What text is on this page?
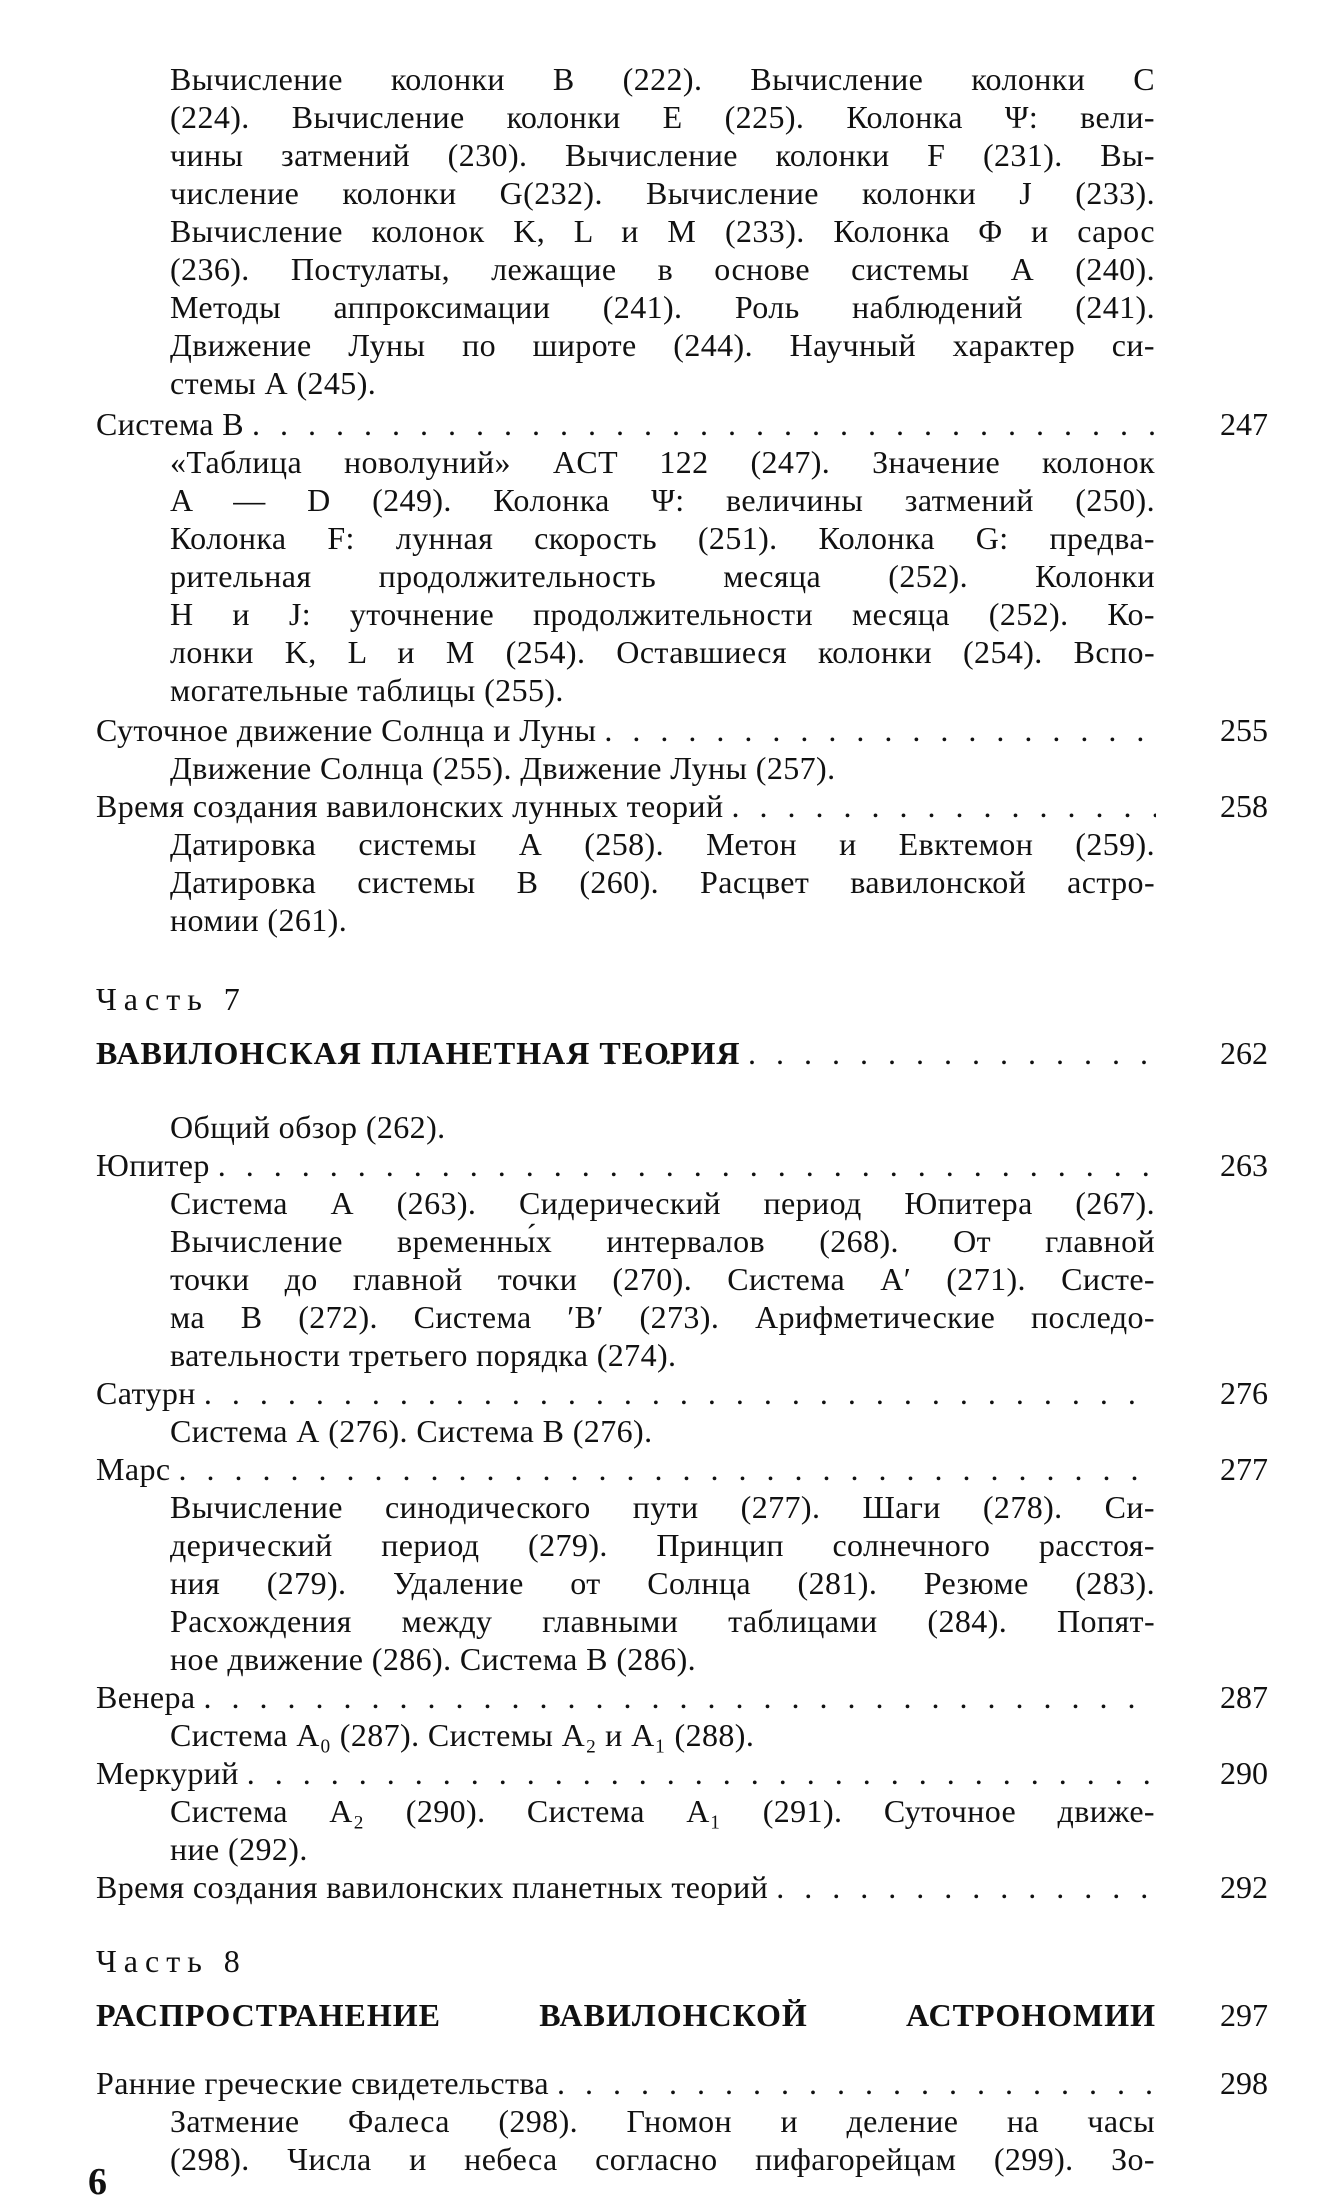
Вычисление колонки B (222). Вычисление колонки C
(224). Вычисление колонки E (225). Колонка Ψ: вели-
чины затмений (230). Вычисление колонки F (231). Вы-
числение колонки G(232). Вычисление колонки J (233).
Вычисление колонок K, L и M (233). Колонка Φ и сарос
(236). Постулаты, лежащие в основе системы А (240).
Методы аппроксимации (241). Роль наблюдений (241).
Движение Луны по широте (244). Научный характер си-
стемы А (245).
Система В . . .	247
«Таблица новолуний» ACT 122 (247). Значение колонок
A — D (249). Колонка Ψ: величины затмений (250).
Колонка F: лунная скорость (251). Колонка G: предва-
рительная продолжительность месяца (252). Колонки
H и J: уточнение продолжительности месяца (252). Ко-
лонки K, L и M (254). Оставшиеся колонки (254). Вспо-
могательные таблицы (255).
Суточное движение Солнца и Луны . . .	255
Движение Солнца (255). Движение Луны (257).
Время создания вавилонских лунных теорий . . .	258
Датировка системы А (258). Метон и Евктемон (259).
Датировка системы В (260). Расцвет вавилонской астро-
номии (261).
Часть 7
ВАВИЛОНСКАЯ ПЛАНЕТНАЯ ТЕОРИЯ . . .	262
Общий обзор (262).
Юпитер . . .	263
Система А (263). Сидерический период Юпитера (267).
Вычисление временны́х интервалов (268). От главной
точки до главной точки (270). Система А′ (271). Систе-
ма В (272). Система ′В′ (273). Арифметические последо-
вательности третьего порядка (274).
Сатурн . . .	276
Система А (276). Система В (276).
Марс . . .	277
Вычисление синодического пути (277). Шаги (278). Си-
дерический период (279). Принцип солнечного расстоя-
ния (279). Удаление от Солнца (281). Резюме (283).
Расхождения между главными таблицами (284). Попят-
ное движение (286). Система В (286).
Венера . . .	287
Система А₀ (287). Системы А₂ и А₁ (288).
Меркурий . . .	290
Система А₂ (290). Система А₁ (291). Суточное движе-
ние (292).
Время создания вавилонских планетных теорий . . .	292
Часть 8
РАСПРОСТРАНЕНИЕ ВАВИЛОНСКОЙ АСТРОНОМИИ	297
Ранние греческие свидетельства . . .	298
Затмение Фалеса (298). Гномон и деление на часы
(298). Числа и небеса согласно пифагорейцам (299). Зо-
6
